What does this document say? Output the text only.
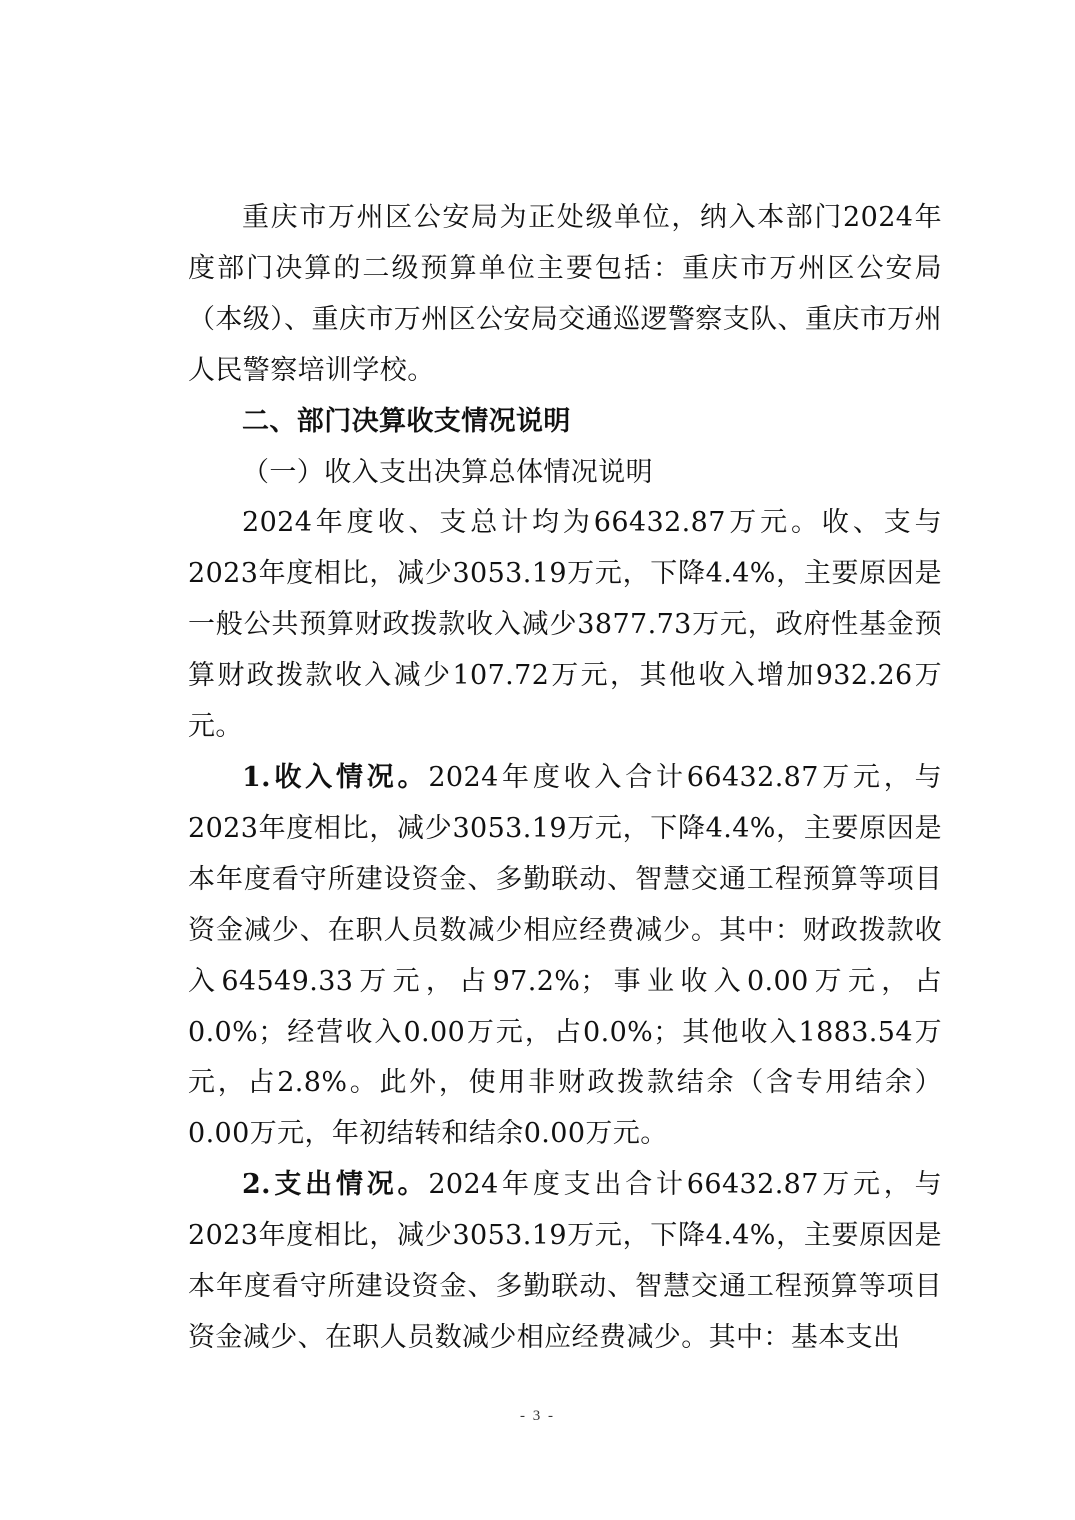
重庆市万州区公安局为正处级单位，纳入本部门2024年度部门决算的二级预算单位主要包括：重庆市万州区公安局（本级）、重庆市万州区公安局交通巡逻警察支队、重庆市万州人民警察培训学校。

二、部门决算收支情况说明

（一）收入支出决算总体情况说明

2024年度收、支总计均为66432.87万元。收、支与2023年度相比，减少3053.19万元，下降4.4%，主要原因是一般公共预算财政拨款收入减少3877.73万元，政府性基金预算财政拨款收入减少107.72万元，其他收入增加932.26万元。

1.收入情况。2024年度收入合计66432.87万元，与2023年度相比，减少3053.19万元，下降4.4%，主要原因是本年度看守所建设资金、多勤联动、智慧交通工程预算等项目资金减少、在职人员数减少相应经费减少。其中：财政拨款收入64549.33万元，占97.2%；事业收入0.00万元，占0.0%；经营收入0.00万元，占0.0%；其他收入1883.54万元，占2.8%。此外，使用非财政拨款结余（含专用结余）0.00万元，年初结转和结余0.00万元。

2.支出情况。2024年度支出合计66432.87万元，与2023年度相比，减少3053.19万元，下降4.4%，主要原因是本年度看守所建设资金、多勤联动、智慧交通工程预算等项目资金减少、在职人员数减少相应经费减少。其中：基本支出

- 3 -
